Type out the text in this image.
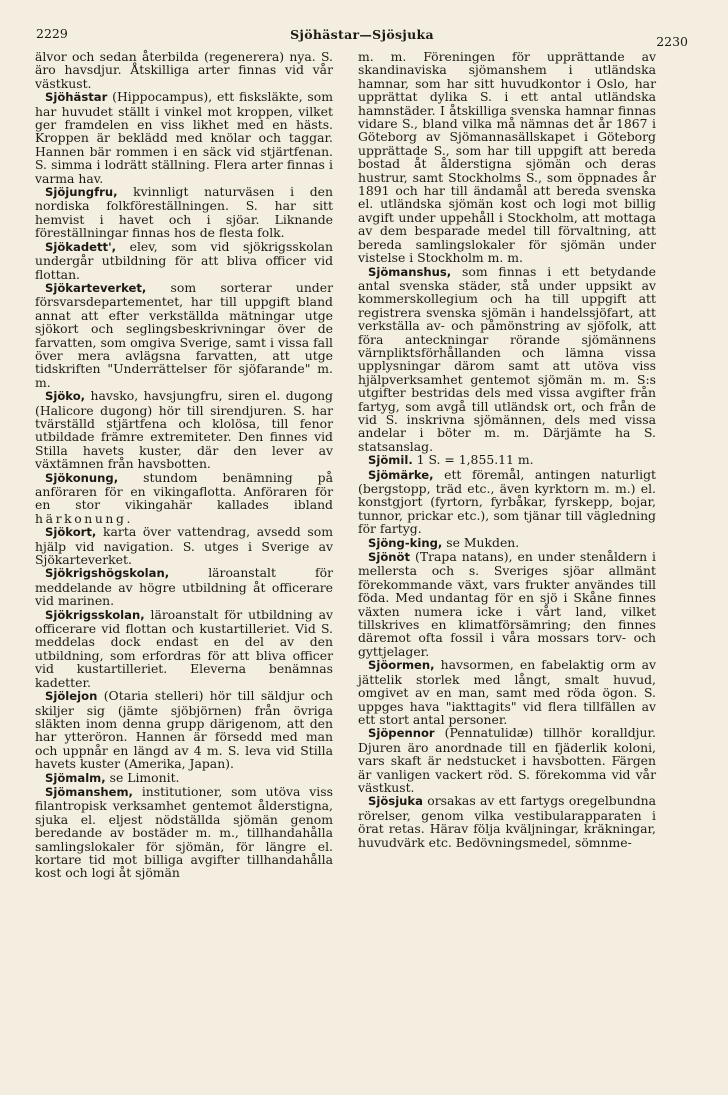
2229	Sjöhästar—Sjösjuka	2230

älvor och sedan återbilda (regenerera) nya. S. äro havsdjur. Åtskilliga arter finnas vid vår västkust.

Sjöhästar (Hippocampus), ett fisksläkte, som har huvudet ställt i vinkel mot kroppen, vilket ger framdelen en viss likhet med en hästs. Kroppen är beklädd med knölar och taggar. Hannen bär rommen i en säck vid stjärtfenan. S. simma i lodrätt ställning. Flera arter finnas i varma hav.

Sjöjungfru, kvinnligt naturväsen i den nordiska folkföreställningen. S. har sitt hemvist i havet och i sjöar. Liknande föreställningar finnas hos de flesta folk.

Sjökadett', elev, som vid sjökrigsskolan undergår utbildning för att bliva officer vid flottan.

Sjökarteverket, som sorterar under försvarsdepartementet, har till uppgift bland annat att efter verkställda mätningar utge sjökort och seglingsbeskrivningar över de farvatten, som omgiva Sverige, samt i vissa fall över mera avlägsna farvatten, att utge tidskriften "Underrättelser för sjöfarande" m. m.

Sjöko, havsko, havsjungfru, siren el. dugong (Halicore dugong) hör till sirendjuren. S. har tvärställd stjärtfena och klolösa, till fenor utbildade främre extremiteter. Den finnes vid Stilla havets kuster, där den lever av växtämnen från havsbotten.

Sjökonung, stundom benämning på anföraren för en vikingaflotta. Anföraren för en stor vikingahär kallades ibland härkonung.

Sjökort, karta över vattendrag, avsedd som hjälp vid navigation. S. utges i Sverige av Sjökarteverket.

Sjökrigshögskolan, läroanstalt för meddelande av högre utbildning åt officerare vid marinen.

Sjökrigsskolan, läroanstalt för utbildning av officerare vid flottan och kustartilleriet. Vid S. meddelas dock endast en del av den utbildning, som erfordras för att bliva officer vid kustartilleriet. Eleverna benämnas kadetter.

Sjölejon (Otaria stelleri) hör till säldjur och skiljer sig (jämte sjöbjörnen) från övriga släkten inom denna grupp därigenom, att den har ytteröron. Hannen är försedd med man och uppnår en längd av 4 m. S. leva vid Stilla havets kuster (Amerika, Japan).

Sjömalm, se Limonit.

Sjömanshem, institutioner, som utöva viss filantropisk verksamhet gentemot ålderstigna, sjuka el. eljest nödställda sjömän genom beredande av bostäder m. m., tillhandahålla samlingslokaler för sjömän, för längre el. kortare tid mot billiga avgifter tillhandahålla kost och logi åt sjömän

m. m. Föreningen för upprättande av skandinaviska sjömanshem i utländska hamnar, som har sitt huvudkontor i Oslo, har upprättat dylika S. i ett antal utländska hamnstäder. I åtskilliga svenska hamnar finnas vidare S., bland vilka må nämnas det år 1867 i Göteborg av Sjömannasällskapet i Göteborg upprättade S., som har till uppgift att bereda bostad åt ålderstigna sjömän och deras hustrur, samt Stockholms S., som öppnades år 1891 och har till ändamål att bereda svenska el. utländska sjömän kost och logi mot billig avgift under uppehåll i Stockholm, att mottaga av dem besparade medel till förvaltning, att bereda samlingslokaler för sjömän under vistelse i Stockholm m. m.

Sjömanshus, som finnas i ett betydande antal svenska städer, stå under uppsikt av kommerskollegium och ha till uppgift att registrera svenska sjömän i handelssjöfart, att verkställa av- och påmönstring av sjöfolk, att föra anteckningar rörande sjömännens värnpliktsförhållanden och lämna vissa upplysningar därom samt att utöva viss hjälpverksamhet gentemot sjömän m. m. S:s utgifter bestridas dels med vissa avgifter från fartyg, som avgå till utländsk ort, och från de vid S. inskrivna sjömännen, dels med vissa andelar i böter m. m. Därjämte ha S. statsanslag.

Sjömil. 1 S. = 1,855.11 m.

Sjömärke, ett föremål, antingen naturligt (bergstopp, träd etc., även kyrktorn m. m.) el. konstgjort (fyrtorn, fyrbåkar, fyrskepp, bojar, tunnor, prickar etc.), som tjänar till vägledning för fartyg.

Sjöng-king, se Mukden.

Sjönöt (Trapa natans), en under stenåldern i mellersta och s. Sveriges sjöar allmänt förekommande växt, vars frukter användes till föda. Med undantag för en sjö i Skåne finnes växten numera icke i vårt land, vilket tillskrives en klimatförsämring; den finnes däremot ofta fossil i våra mossars torv- och gyttjelager.

Sjöormen, havsormen, en fabelaktig orm av jättelik storlek med långt, smalt huvud, omgivet av en man, samt med röda ögon. S. uppges hava "iakttagits" vid flera tillfällen av ett stort antal personer.

Sjöpennor (Pennatulidæ) tillhör koralldjur. Djuren äro anordnade till en fjäderlik koloni, vars skaft är nedstucket i havsbotten. Färgen är vanligen vackert röd. S. förekomma vid vår västkust.

Sjösjuka orsakas av ett fartygs oregelbundna rörelser, genom vilka vestibularapparaten i örat retas. Härav följa kväljningar, kräkningar, huvudvärk etc. Bedövningsmedel, sömnme-
